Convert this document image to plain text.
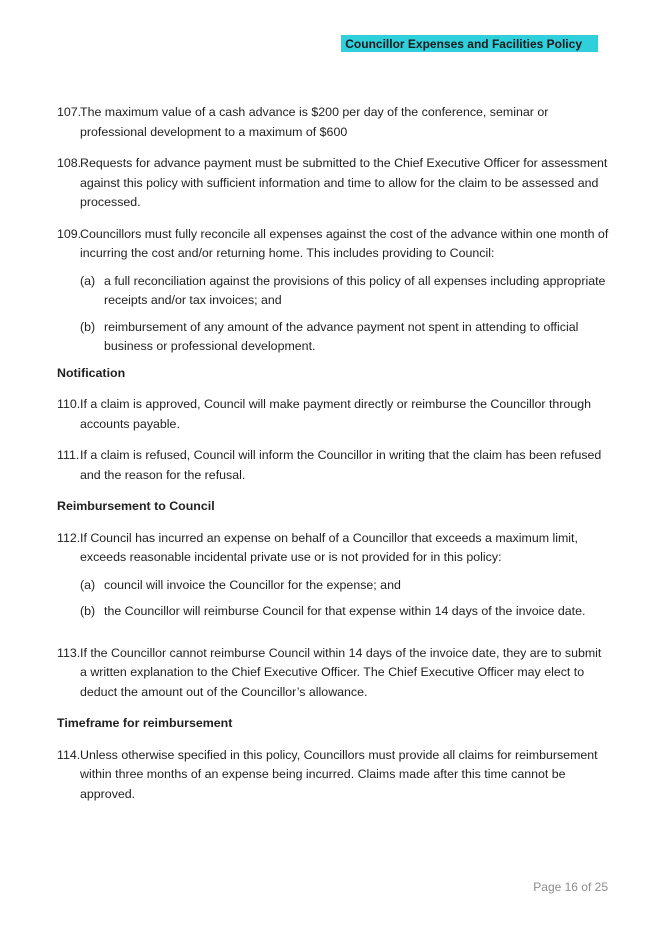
Councillor Expenses and Facilities Policy
107.
The maximum value of a cash advance is $200 per day of the conference, seminar or professional development to a maximum of $600
108.
Requests for advance payment must be submitted to the Chief Executive Officer for assessment against this policy with sufficient information and time to allow for the claim to be assessed and processed.
109.
Councillors must fully reconcile all expenses against the cost of the advance within one month of incurring the cost and/or returning home. This includes providing to Council:
(a) a full reconciliation against the provisions of this policy of all expenses including appropriate receipts and/or tax invoices; and
(b) reimbursement of any amount of the advance payment not spent in attending to official business or professional development.
Notification
110. If a claim is approved, Council will make payment directly or reimburse the Councillor through accounts payable.
111. If a claim is refused, Council will inform the Councillor in writing that the claim has been refused and the reason for the refusal.
Reimbursement to Council
112. If Council has incurred an expense on behalf of a Councillor that exceeds a maximum limit, exceeds reasonable incidental private use or is not provided for in this policy:
(a) council will invoice the Councillor for the expense; and
(b) the Councillor will reimburse Council for that expense within 14 days of the invoice date.
113. If the Councillor cannot reimburse Council within 14 days of the invoice date, they are to submit a written explanation to the Chief Executive Officer. The Chief Executive Officer may elect to deduct the amount out of the Councillor’s allowance.
Timeframe for reimbursement
114. Unless otherwise specified in this policy, Councillors must provide all claims for reimbursement within three months of an expense being incurred. Claims made after this time cannot be approved.
Page 16 of 25
